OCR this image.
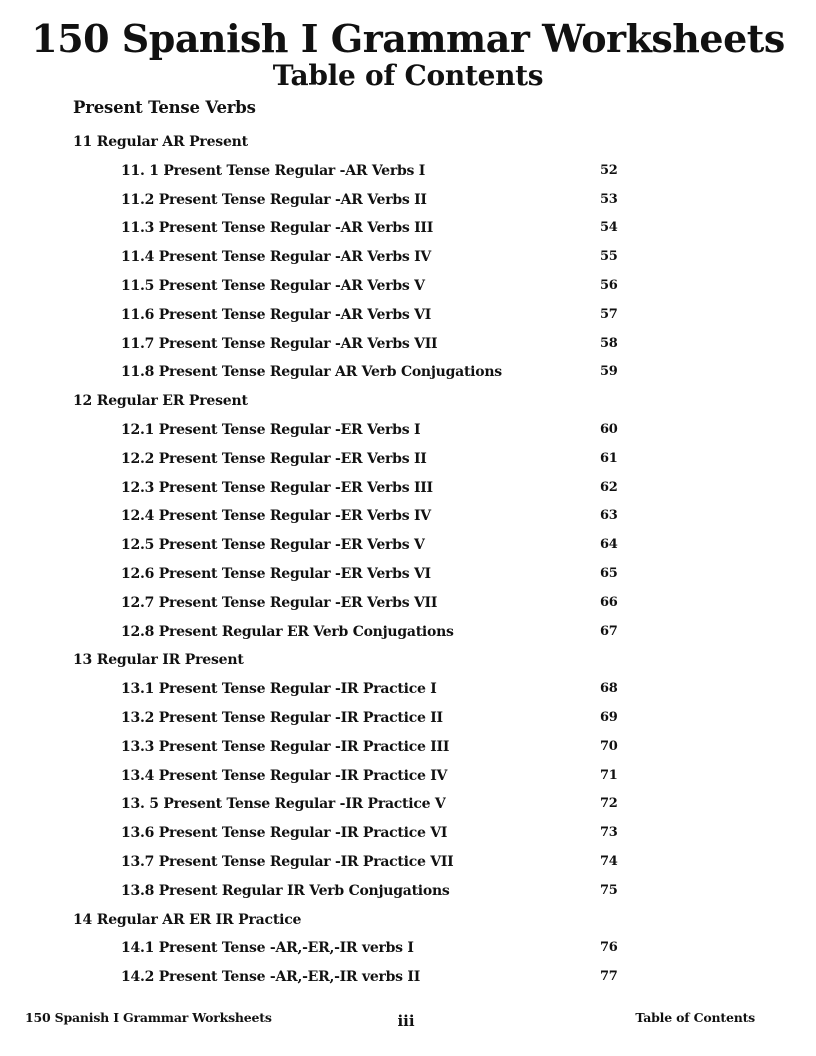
150 Spanish I Grammar Worksheets
Table of Contents
Present Tense Verbs
11 Regular AR Present
11. 1 Present Tense Regular -AR Verbs I	52
11.2 Present Tense Regular -AR Verbs II	53
11.3 Present Tense Regular -AR Verbs III	54
11.4 Present Tense Regular -AR Verbs IV	55
11.5 Present Tense Regular -AR Verbs V	56
11.6 Present Tense Regular -AR Verbs VI	57
11.7 Present Tense Regular -AR Verbs VII	58
11.8 Present Tense Regular AR Verb Conjugations	59
12 Regular ER Present
12.1 Present Tense Regular -ER Verbs I	60
12.2 Present Tense Regular -ER Verbs II	61
12.3 Present Tense Regular -ER Verbs III	62
12.4 Present Tense Regular -ER Verbs IV	63
12.5 Present Tense Regular -ER Verbs V	64
12.6 Present Tense Regular -ER Verbs VI	65
12.7 Present Tense Regular -ER Verbs VII	66
12.8 Present Regular ER Verb Conjugations	67
13 Regular IR Present
13.1 Present Tense Regular -IR Practice I	68
13.2 Present Tense Regular -IR Practice II	69
13.3 Present Tense Regular -IR Practice III	70
13.4 Present Tense Regular -IR Practice IV	71
13. 5 Present Tense Regular -IR Practice V	72
13.6 Present Tense Regular -IR Practice VI	73
13.7 Present Tense Regular -IR Practice VII	74
13.8 Present Regular IR Verb Conjugations	75
14 Regular AR ER IR Practice
14.1 Present Tense -AR,-ER,-IR verbs I	76
14.2 Present Tense -AR,-ER,-IR verbs II	77
150 Spanish I Grammar Worksheets	iii	Table of Contents
